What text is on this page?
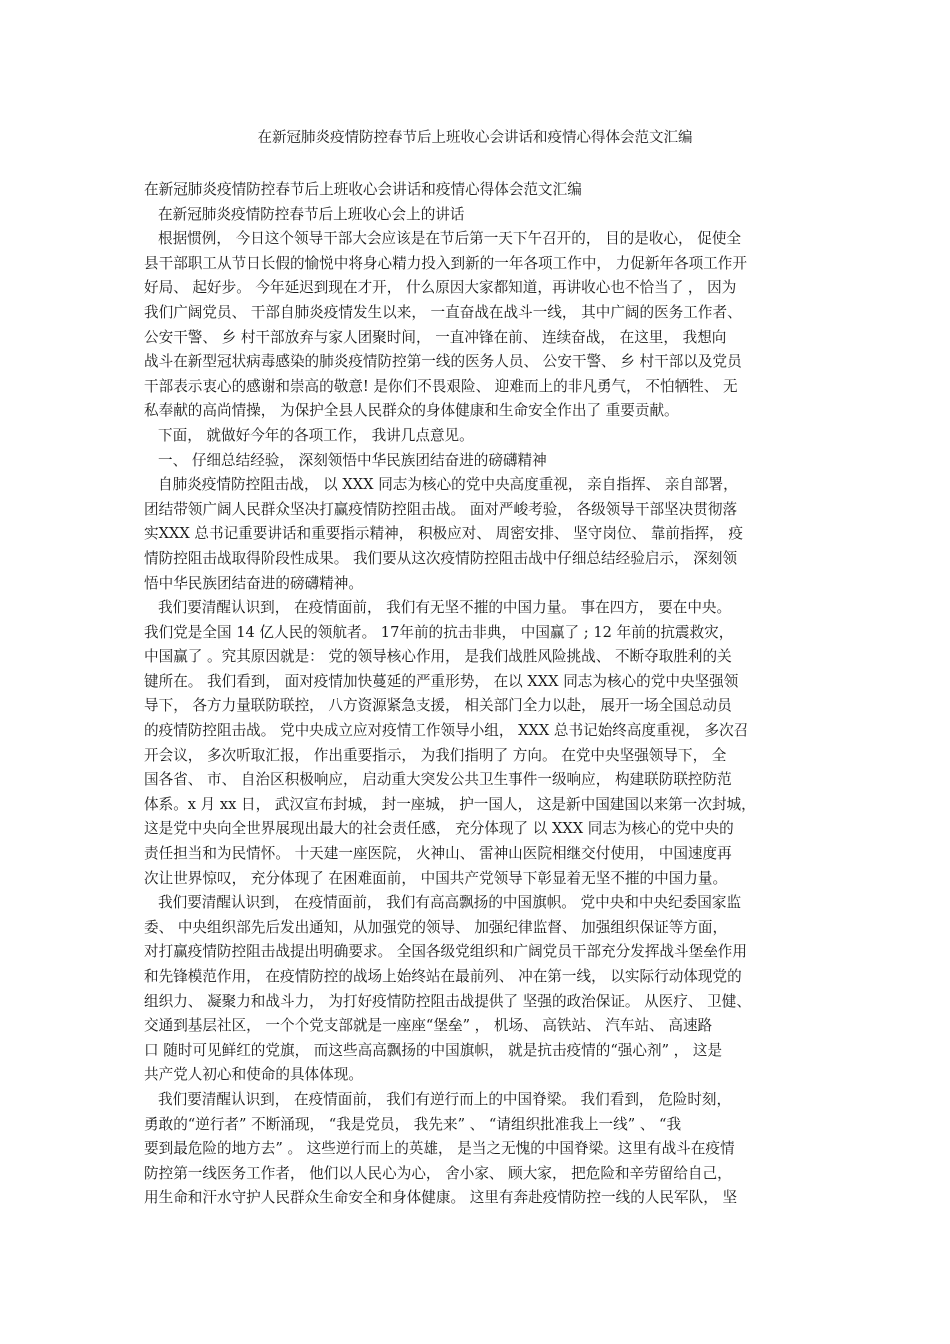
在新冠肺炎疫情防控春节后上班收心会讲话和疫情心得体会范文汇编
在新冠肺炎疫情防控春节后上班收心会讲话和疫情心得体会范文汇编
在新冠肺炎疫情防控春节后上班收心会上的讲话
根据惯例， 今日这个领导干部大会应该是在节后第一天下午召开的， 目的是收心， 促使全
县干部职工从节日长假的愉悦中将身心精力投入到新的一年各项工作中， 力促新年各项工作开
好局、 起好步。 今年延迟到现在才开， 什么原因大家都知道，再讲收心也不恰当了 ， 因为
我们广阔党员、 干部自肺炎疫情发生以来， 一直奋战在战斗一线， 其中广阔的医务工作者、
公安干警、 乡 村干部放弃与家人团聚时间， 一直冲锋在前、 连续奋战， 在这里， 我想向
战斗在新型冠状病毒感染的肺炎疫情防控第一线的医务人员、 公安干警、 乡 村干部以及党员
干部表示衷心的感谢和崇高的敬意! 是你们不畏艰险、 迎难而上的非凡勇气， 不怕牺牲、 无
私奉献的高尚情操， 为保护全县人民群众的身体健康和生命安全作出了 重要贡献。
下面， 就做好今年的各项工作， 我讲几点意见。
一、 仔细总结经验， 深刻领悟中华民族团结奋进的磅礴精神
自肺炎疫情防控阻击战， 以 XXX 同志为核心的党中央高度重视， 亲自指挥、 亲自部署，
团结带领广阔人民群众坚决打赢疫情防控阻击战。 面对严峻考验， 各级领导干部坚决贯彻落
实XXX 总书记重要讲话和重要指示精神， 积极应对、 周密安排、 坚守岗位、 靠前指挥， 疫
情防控阻击战取得阶段性成果。 我们要从这次疫情防控阻击战中仔细总结经验启示， 深刻领
悟中华民族团结奋进的磅礴精神。
我们要清醒认识到， 在疫情面前， 我们有无坚不摧的中国力量。 事在四方， 要在中央。
我们党是全国 14 亿人民的领航者。 17年前的抗击非典， 中国赢了 ; 12 年前的抗震救灾，
中国赢了 。究其原因就是： 党的领导核心作用， 是我们战胜风险挑战、 不断夺取胜利的关
键所在。 我们看到， 面对疫情加快蔓延的严重形势， 在以 XXX 同志为核心的党中央坚强领
导下， 各方力量联防联控， 八方资源紧急支援， 相关部门全力以赴， 展开一场全国总动员
的疫情防控阻击战。 党中央成立应对疫情工作领导小组， XXX 总书记始终高度重视， 多次召
开会议， 多次听取汇报， 作出重要指示， 为我们指明了 方向。 在党中央坚强领导下， 全
国各省、 市、 自治区积极响应， 启动重大突发公共卫生事件一级响应， 构建联防联控防范
体系。x 月 xx 日， 武汉宣布封城， 封一座城， 护一国人， 这是新中国建国以来第一次封城，
这是党中央向全世界展现出最大的社会责任感， 充分体现了 以 XXX 同志为核心的党中央的
责任担当和为民情怀。 十天建一座医院， 火神山、 雷神山医院相继交付使用， 中国速度再
次让世界惊叹， 充分体现了 在困难面前， 中国共产党领导下彰显着无坚不摧的中国力量。
我们要清醒认识到， 在疫情面前， 我们有高高飘扬的中国旗帜。 党中央和中央纪委国家监
委、 中央组织部先后发出通知，从加强党的领导、 加强纪律监督、 加强组织保证等方面，
对打赢疫情防控阻击战提出明确要求。 全国各级党组织和广阔党员干部充分发挥战斗堡垒作用
和先锋模范作用， 在疫情防控的战场上始终站在最前列、 冲在第一线， 以实际行动体现党的
组织力、 凝聚力和战斗力， 为打好疫情防控阻击战提供了 坚强的政治保证。 从医疗、 卫健、
交通到基层社区， 一个个党支部就是一座座“堡垒” ， 机场、 高铁站、 汽车站、 高速路
口 随时可见鲜红的党旗， 而这些高高飘扬的中国旗帜， 就是抗击疫情的“强心剂” ， 这是
共产党人初心和使命的具体体现。
我们要清醒认识到， 在疫情面前， 我们有逆行而上的中国脊梁。 我们看到， 危险时刻，
勇敢的“逆行者” 不断涌现， “我是党员， 我先来” 、 “请组织批准我上一线” 、 “我
要到最危险的地方去” 。 这些逆行而上的英雄， 是当之无愧的中国脊梁。这里有战斗在疫情
防控第一线医务工作者， 他们以人民心为心， 舍小家、 顾大家， 把危险和辛劳留给自己，
用生命和汗水守护人民群众生命安全和身体健康。 这里有奔赴疫情防控一线的人民军队， 坚
